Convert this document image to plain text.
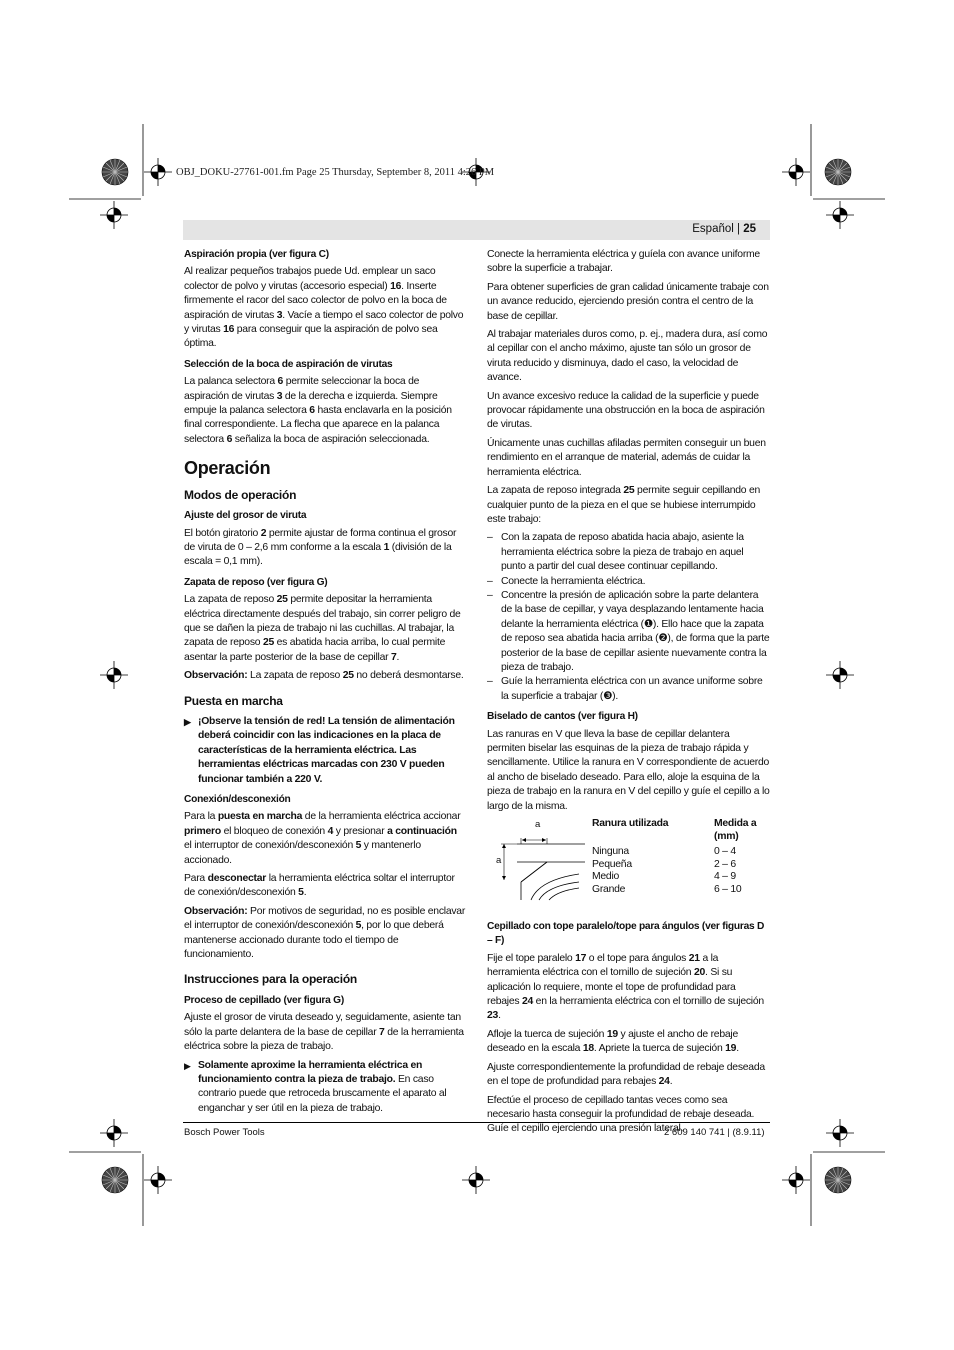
OBJ_DOKU-27761-001.fm Page 25 Thursday, September 8, 2011 4:26 PM
Español | 25
Aspiración propia (ver figura C)

Al realizar pequeños trabajos puede Ud. emplear un saco colector de polvo y virutas (accesorio especial) 16. Inserte firmemente el racor del saco colector de polvo en la boca de aspiración de virutas 3. Vacíe a tiempo el saco colector de polvo y virutas 16 para conseguir que la aspiración de polvo sea óptima.

Selección de la boca de aspiración de virutas

La palanca selectora 6 permite seleccionar la boca de aspiración de virutas 3 de la derecha e izquierda. Siempre empuje la palanca selectora 6 hasta enclavarla en la posición final correspondiente. La flecha que aparece en la palanca selectora 6 señaliza la boca de aspiración seleccionada.

Operación
Modos de operación
Ajuste del grosor de viruta

El botón giratorio 2 permite ajustar de forma continua el grosor de viruta de 0 – 2,6 mm conforme a la escala 1 (división de la escala = 0,1 mm).

Zapata de reposo (ver figura G)

La zapata de reposo 25 permite depositar la herramienta eléctrica directamente después del trabajo, sin correr peligro de que se dañen la pieza de trabajo ni las cuchillas. Al trabajar, la zapata de reposo 25 es abatida hacia arriba, lo cual permite asentar la parte posterior de la base de cepillar 7.

Observación: La zapata de reposo 25 no deberá desmontarse.

Puesta en marcha
▶ ¡Observe la tensión de red! La tensión de alimentación deberá coincidir con las indicaciones en la placa de características de la herramienta eléctrica. Las herramientas eléctricas marcadas con 230 V pueden funcionar también a 220 V.
Conexión/desconexión

Para la puesta en marcha de la herramienta eléctrica accionar primero el bloqueo de conexión 4 y presionar a continuación el interruptor de conexión/desconexión 5 y mantenerlo accionado.

Para desconectar la herramienta eléctrica soltar el interruptor de conexión/desconexión 5.

Observación: Por motivos de seguridad, no es posible enclavar el interruptor de conexión/desconexión 5, por lo que deberá mantenerse accionado durante todo el tiempo de funcionamiento.

Instrucciones para la operación
Proceso de cepillado (ver figura G)

Ajuste el grosor de viruta deseado y, seguidamente, asiente tan sólo la parte delantera de la base de cepillar 7 de la herramienta eléctrica sobre la pieza de trabajo.

▶ Solamente aproxime la herramienta eléctrica en funcionamiento contra la pieza de trabajo. En caso contrario puede que retroceda bruscamente el aparato al enganchar y ser útil en la pieza de trabajo.

Conecte la herramienta eléctrica y guíela con avance uniforme sobre la superficie a trabajar.

Para obtener superficies de gran calidad únicamente trabaje con un avance reducido, ejerciendo presión contra el centro de la base de cepillar.

Al trabajar materiales duros como, p. ej., madera dura, así como al cepillar con el ancho máximo, ajuste tan sólo un grosor de viruta reducido y disminuya, dado el caso, la velocidad de avance.

Un avance excesivo reduce la calidad de la superficie y puede provocar rápidamente una obstrucción en la boca de aspiración de virutas.

Únicamente unas cuchillas afiladas permiten conseguir un buen rendimiento en el arranque de material, además de cuidar la herramienta eléctrica.

La zapata de reposo integrada 25 permite seguir cepillando en cualquier punto de la pieza en el que se hubiese interrumpido este trabajo:

– Con la zapata de reposo abatida hacia abajo, asiente la herramienta eléctrica sobre la pieza de trabajo en aquel punto a partir del cual desee continuar cepillando.
– Conecte la herramienta eléctrica.
– Concentre la presión de aplicación sobre la parte delantera de la base de cepillar, y vaya desplazando lentamente hacia delante la herramienta eléctrica (❶). Ello hace que la zapata de reposo sea abatida hacia arriba (❷), de forma que la parte posterior de la base de cepillar asiente nuevamente contra la pieza de trabajo.
– Guíe la herramienta eléctrica con un avance uniforme sobre la superficie a trabajar (❸).
Biselado de cantos (ver figura H)

Las ranuras en V que lleva la base de cepillar delantera permiten biselar las esquinas de la pieza de trabajo rápida y sencillamente. Utilice la ranura en V correspondiente de acuerdo al ancho de biselado deseado. Para ello, aloje la esquina de la pieza de trabajo en la ranura en V del cepillo y guíe el cepillo a lo largo de la misma.

a
a
Ranura utilizada	Medida a (mm)
Ninguna	0 – 4
Pequeña	2 – 6
Medio	4 – 9
Grande	6 – 10
Cepillado con tope paralelo/tope para ángulos (ver figuras D – F)

Fije el tope paralelo 17 o el tope para ángulos 21 a la herramienta eléctrica con el tornillo de sujeción 20. Si su aplicación lo requiere, monte el tope de profundidad para rebajes 24 en la herramienta eléctrica con el tornillo de sujeción 23.

Afloje la tuerca de sujeción 19 y ajuste el ancho de rebaje deseado en la escala 18. Apriete la tuerca de sujeción 19.

Ajuste correspondientemente la profundidad de rebaje deseada en el tope de profundidad para rebajes 24.

Efectúe el proceso de cepillado tantas veces como sea necesario hasta conseguir la profundidad de rebaje deseada. Guíe el cepillo ejerciendo una presión lateral.

Bosch Power Tools	2 609 140 741 | (8.9.11)
